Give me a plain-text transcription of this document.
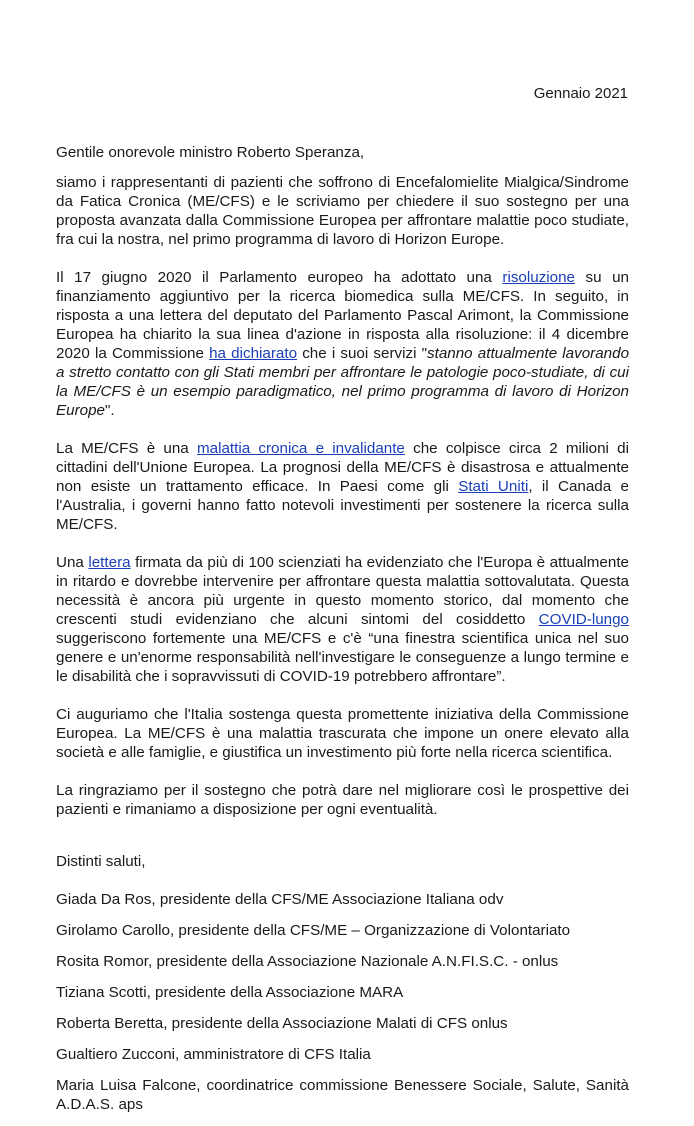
Gennaio 2021

Gentile onorevole ministro Roberto Speranza,

siamo i rappresentanti di pazienti che soffrono di Encefalomielite Mialgica/Sindrome da Fatica Cronica (ME/CFS) e le scriviamo per chiedere il suo sostegno per una proposta avanzata dalla Commissione Europea per affrontare malattie poco studiate, fra cui la nostra, nel primo programma di lavoro di Horizon Europe.

Il 17 giugno 2020 il Parlamento europeo ha adottato una risoluzione su un finanziamento aggiuntivo per la ricerca biomedica sulla ME/CFS. In seguito, in risposta a una lettera del deputato del Parlamento Pascal Arimont, la Commissione Europea ha chiarito la sua linea d'azione in risposta alla risoluzione: il 4 dicembre 2020 la Commissione ha dichiarato che i suoi servizi "stanno attualmente lavorando a stretto contatto con gli Stati membri per affrontare le patologie poco-studiate, di cui la ME/CFS è un esempio paradigmatico, nel primo programma di lavoro di Horizon Europe".

La ME/CFS è una malattia cronica e invalidante che colpisce circa 2 milioni di cittadini dell'Unione Europea. La prognosi della ME/CFS è disastrosa e attualmente non esiste un trattamento efficace. In Paesi come gli Stati Uniti, il Canada e l'Australia, i governi hanno fatto notevoli investimenti per sostenere la ricerca sulla ME/CFS.

Una lettera firmata da più di 100 scienziati ha evidenziato che l'Europa è attualmente in ritardo e dovrebbe intervenire per affrontare questa malattia sottovalutata. Questa necessità è ancora più urgente in questo momento storico, dal momento che crescenti studi evidenziano che alcuni sintomi del cosiddetto COVID-lungo suggeriscono fortemente una ME/CFS e c'è “una finestra scientifica unica nel suo genere e un'enorme responsabilità nell'investigare le conseguenze a lungo termine e le disabilità che i sopravvissuti di COVID-19 potrebbero affrontare”.

Ci auguriamo che l'Italia sostenga questa promettente iniziativa della Commissione Europea. La ME/CFS è una malattia trascurata che impone un onere elevato alla società e alle famiglie, e giustifica un investimento più forte nella ricerca scientifica.

La ringraziamo per il sostegno che potrà dare nel migliorare così le prospettive dei pazienti e rimaniamo a disposizione per ogni eventualità.

Distinti saluti,

Giada Da Ros, presidente della CFS/ME Associazione Italiana odv

Girolamo Carollo, presidente della CFS/ME – Organizzazione di Volontariato

Rosita Romor, presidente della Associazione Nazionale A.N.FI.S.C. - onlus

Tiziana Scotti, presidente della Associazione MARA

Roberta Beretta, presidente della Associazione Malati di CFS onlus

Gualtiero Zucconi, amministratore di CFS Italia

Maria Luisa Falcone, coordinatrice commissione Benessere Sociale, Salute, Sanità A.D.A.S. aps
